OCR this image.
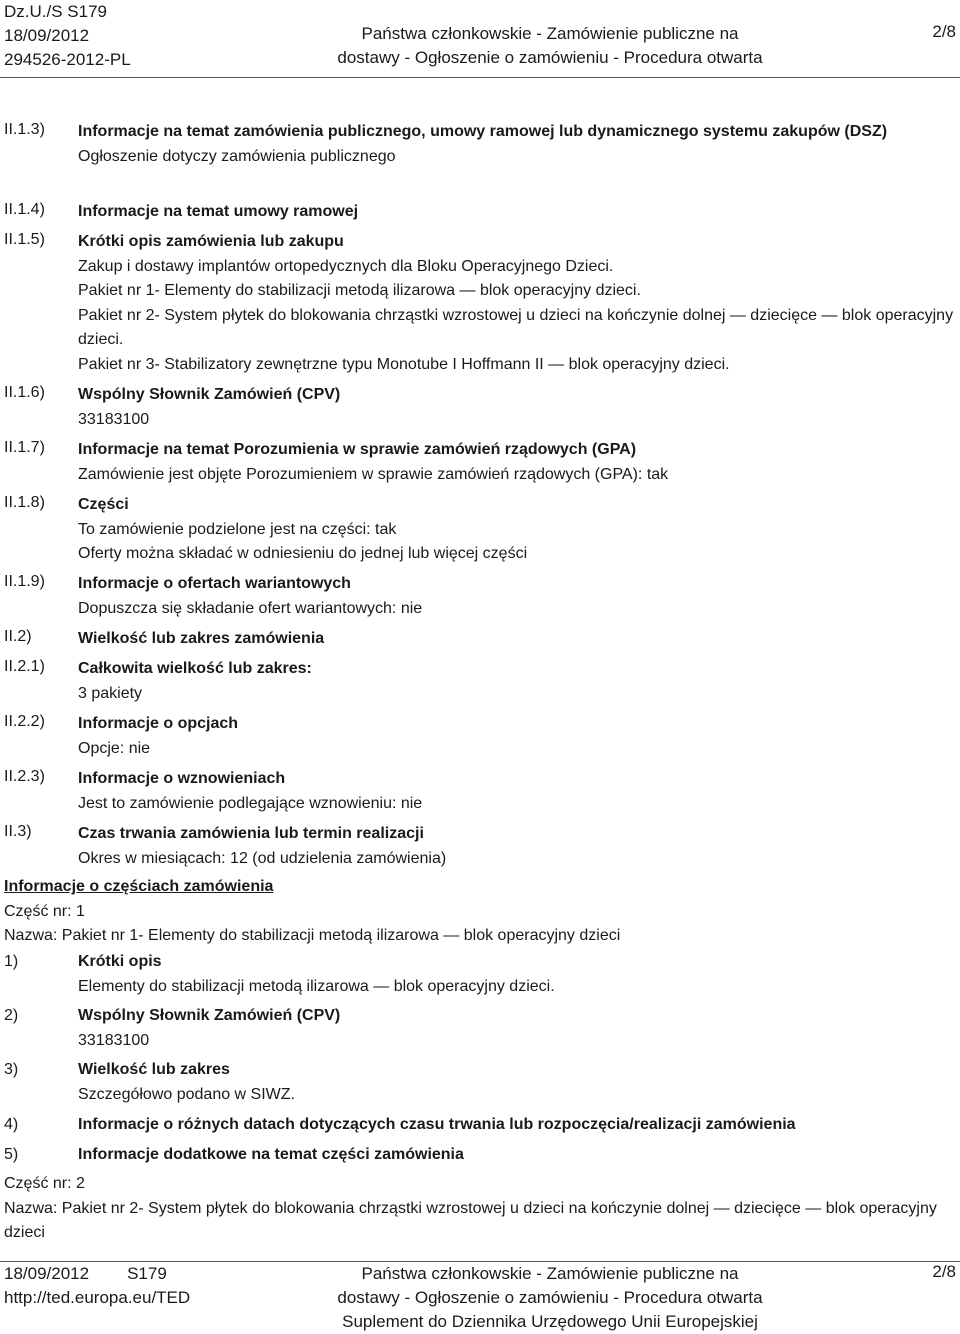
Dz.U./S S179
18/09/2012
294526-2012-PL
Państwa członkowskie - Zamówienie publiczne na
dostawy - Ogłoszenie o zamówieniu - Procedura otwarta
2/8
II.1.3)	Informacje na temat zamówienia publicznego, umowy ramowej lub dynamicznego systemu zakupów (DSZ)
Ogłoszenie dotyczy zamówienia publicznego
II.1.4)	Informacje na temat umowy ramowej
II.1.5)	Krótki opis zamówienia lub zakupu
Zakup i dostawy implantów ortopedycznych dla Bloku Operacyjnego Dzieci.
Pakiet nr 1- Elementy do stabilizacji metodą ilizarowa — blok operacyjny dzieci.
Pakiet nr 2- System płytek do blokowania chrząstki wzrostowej u dzieci na kończynie dolnej — dziecięce — blok operacyjny dzieci.
Pakiet nr 3- Stabilizatory zewnętrzne typu Monotube I Hoffmann II — blok operacyjny dzieci.
II.1.6)	Wspólny Słownik Zamówień (CPV)
33183100
II.1.7)	Informacje na temat Porozumienia w sprawie zamówień rządowych (GPA)
Zamówienie jest objęte Porozumieniem w sprawie zamówień rządowych (GPA): tak
II.1.8)	Części
To zamówienie podzielone jest na części: tak
Oferty można składać w odniesieniu do jednej lub więcej części
II.1.9)	Informacje o ofertach wariantowych
Dopuszcza się składanie ofert wariantowych: nie
II.2)	Wielkość lub zakres zamówienia
II.2.1)	Całkowita wielkość lub zakres:
3 pakiety
II.2.2)	Informacje o opcjach
Opcje: nie
II.2.3)	Informacje o wznowieniach
Jest to zamówienie podlegające wznowieniu: nie
II.3)	Czas trwania zamówienia lub termin realizacji
Okres w miesiącach: 12 (od udzielenia zamówienia)
Informacje o częściach zamówienia
Część nr: 1
Nazwa: Pakiet nr 1- Elementy do stabilizacji metodą ilizarowa — blok operacyjny dzieci
1)	Krótki opis
Elementy do stabilizacji metodą ilizarowa — blok operacyjny dzieci.
2)	Wspólny Słownik Zamówień (CPV)
33183100
3)	Wielkość lub zakres
Szczegółowo podano w SIWZ.
4)	Informacje o różnych datach dotyczących czasu trwania lub rozpoczęcia/realizacji zamówienia
5)	Informacje dodatkowe na temat części zamówienia
Część nr: 2
Nazwa: Pakiet nr 2- System płytek do blokowania chrząstki wzrostowej u dzieci na kończynie dolnej — dziecięce — blok operacyjny dzieci
18/09/2012 S179
http://ted.europa.eu/TED
Państwa członkowskie - Zamówienie publiczne na
dostawy - Ogłoszenie o zamówieniu - Procedura otwarta
Suplement do Dziennika Urzędowego Unii Europejskiej
2/8
